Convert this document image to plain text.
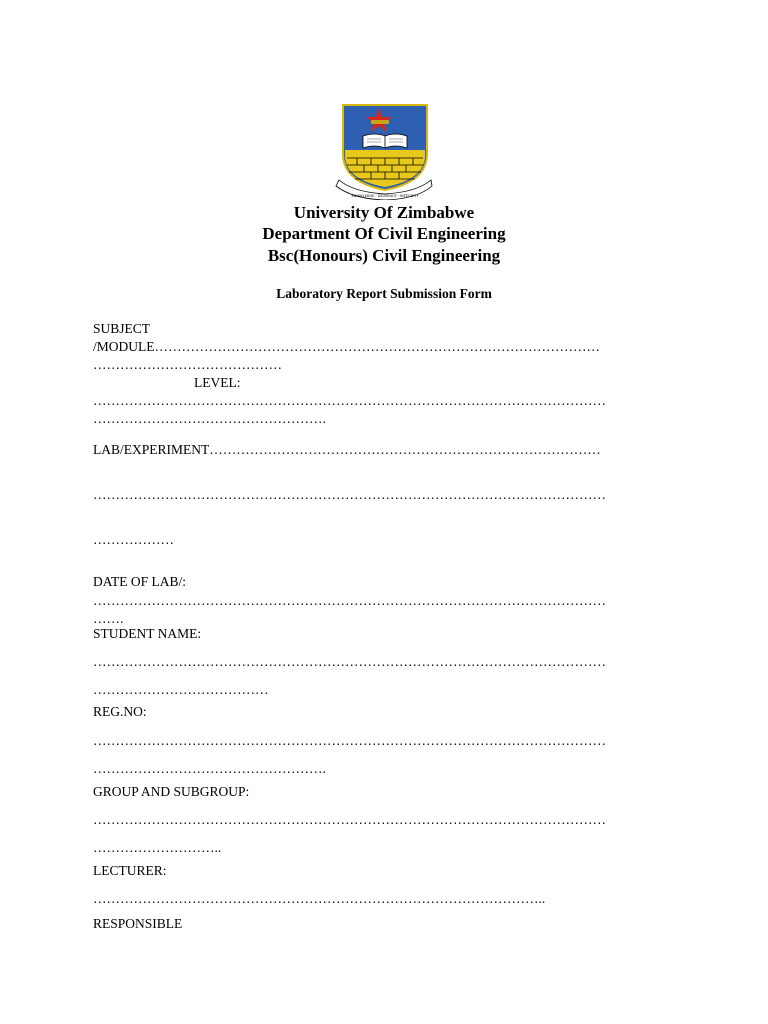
KNOWLEDGE · DILIGENCE · INTEGRITY
University Of Zimbabwe
Department Of Civil Engineering
Bsc(Honours) Civil Engineering
Laboratory Report Submission Form
SUBJECT
/MODULE………………………………………………………………………………………
……………………………………
LEVEL:
……………………………………………………………………………………………………
…………………………………………….
LAB/EXPERIMENT……………………………………………………………………………
……………………………………………………………………………………………………
………………
DATE OF LAB/:
……………………………………………………………………………………………………
…….
STUDENT NAME:
……………………………………………………………………………………………………
…………………………………
REG.NO:
……………………………………………………………………………………………………
…………………………………………….
GROUP AND SUBGROUP:
……………………………………………………………………………………………………
………………………..
LECTURER:
………………………………………………………………………………………..
RESPONSIBLE
